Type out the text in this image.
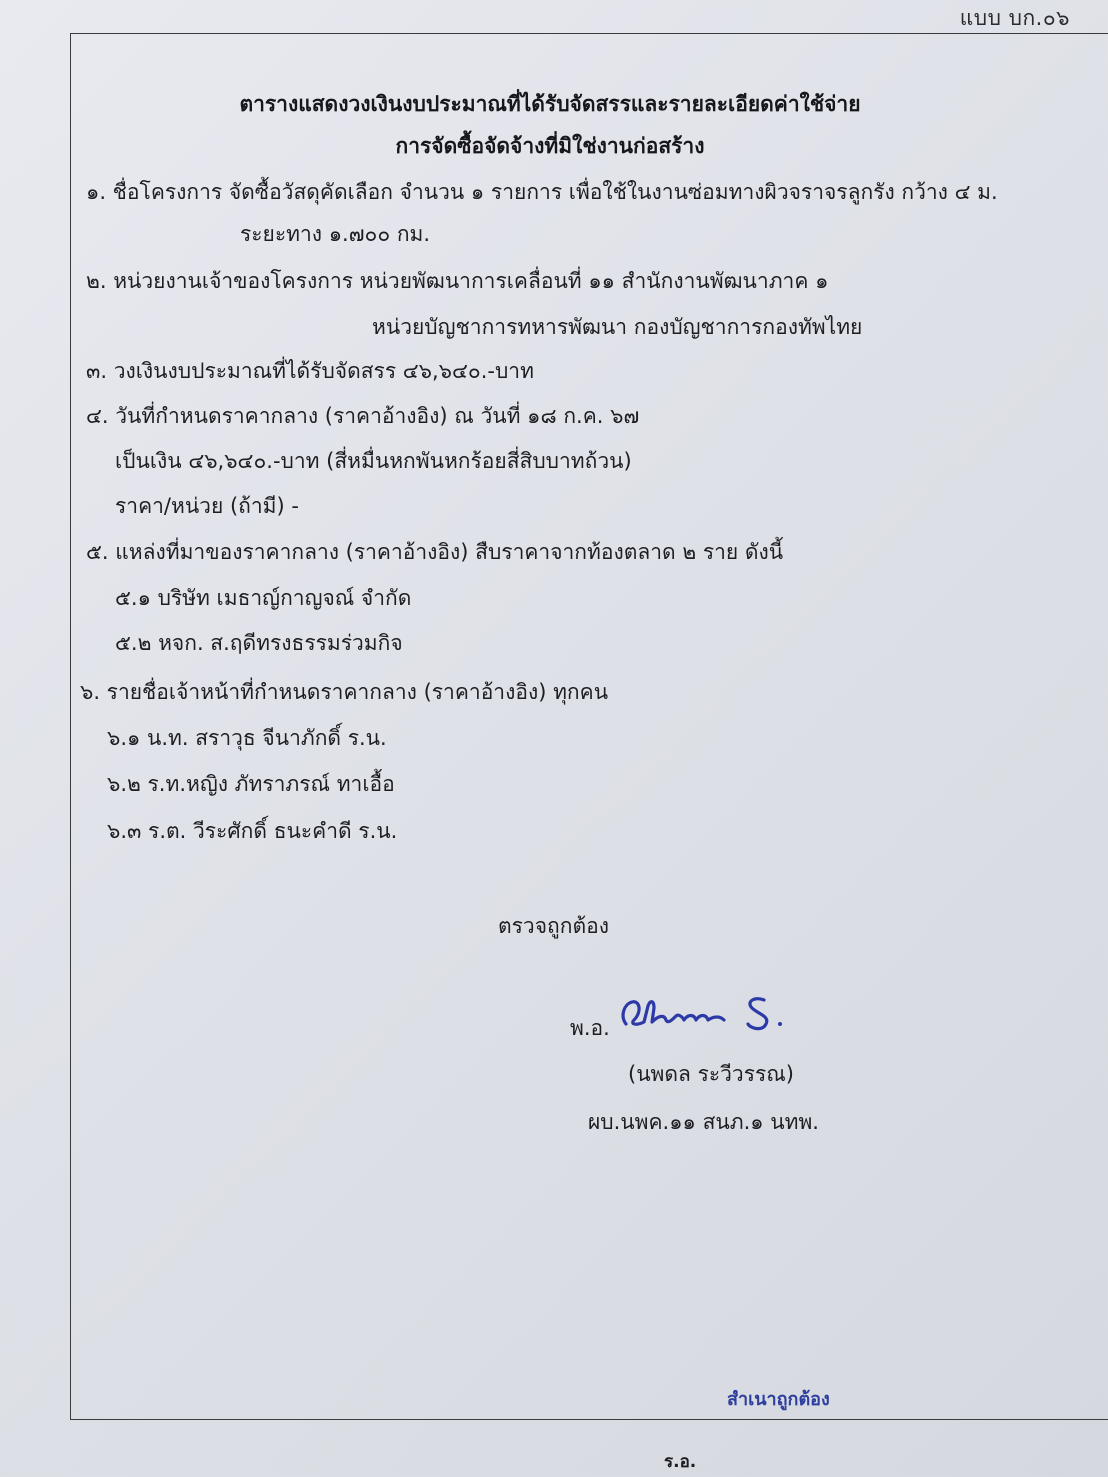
แบบ บก.๐๖
ตารางแสดงวงเงินงบประมาณที่ได้รับจัดสรรและรายละเอียดค่าใช้จ่าย
การจัดซื้อจัดจ้างที่มิใช่งานก่อสร้าง
๑. ชื่อโครงการ จัดซื้อวัสดุคัดเลือก จำนวน ๑ รายการ เพื่อใช้ในงานซ่อมทางผิวจราจรลูกรัง กว้าง ๔ ม.
ระยะทาง ๑.๗๐๐ กม.
๒. หน่วยงานเจ้าของโครงการ หน่วยพัฒนาการเคลื่อนที่ ๑๑ สำนักงานพัฒนาภาค ๑
หน่วยบัญชาการทหารพัฒนา กองบัญชาการกองทัพไทย
๓. วงเงินงบประมาณที่ได้รับจัดสรร ๔๖,๖๔๐.-บาท
๔. วันที่กำหนดราคากลาง (ราคาอ้างอิง) ณ วันที่ ๑๘ ก.ค. ๖๗
เป็นเงิน ๔๖,๖๔๐.-บาท (สี่หมื่นหกพันหกร้อยสี่สิบบาทถ้วน)
ราคา/หน่วย (ถ้ามี) -
๕. แหล่งที่มาของราคากลาง (ราคาอ้างอิง) สืบราคาจากท้องตลาด ๒ ราย ดังนี้
๕.๑ บริษัท เมธาญ์กาญจณ์ จำกัด
๕.๒ หจก. ส.ฤดีทรงธรรมร่วมกิจ
๖. รายชื่อเจ้าหน้าที่กำหนดราคากลาง (ราคาอ้างอิง) ทุกคน
๖.๑ น.ท. สราวุธ จีนาภักดิ์ ร.น.
๖.๒ ร.ท.หญิง ภัทราภรณ์ ทาเอื้อ
๖.๓ ร.ต. วีระศักดิ์ ธนะคำดี ร.น.
ตรวจถูกต้อง
พ.อ.
(นพดล ระวีวรรณ)
ผบ.นพค.๑๑ สนภ.๑ นทพ.
สำเนาถูกต้อง
ร.อ.
